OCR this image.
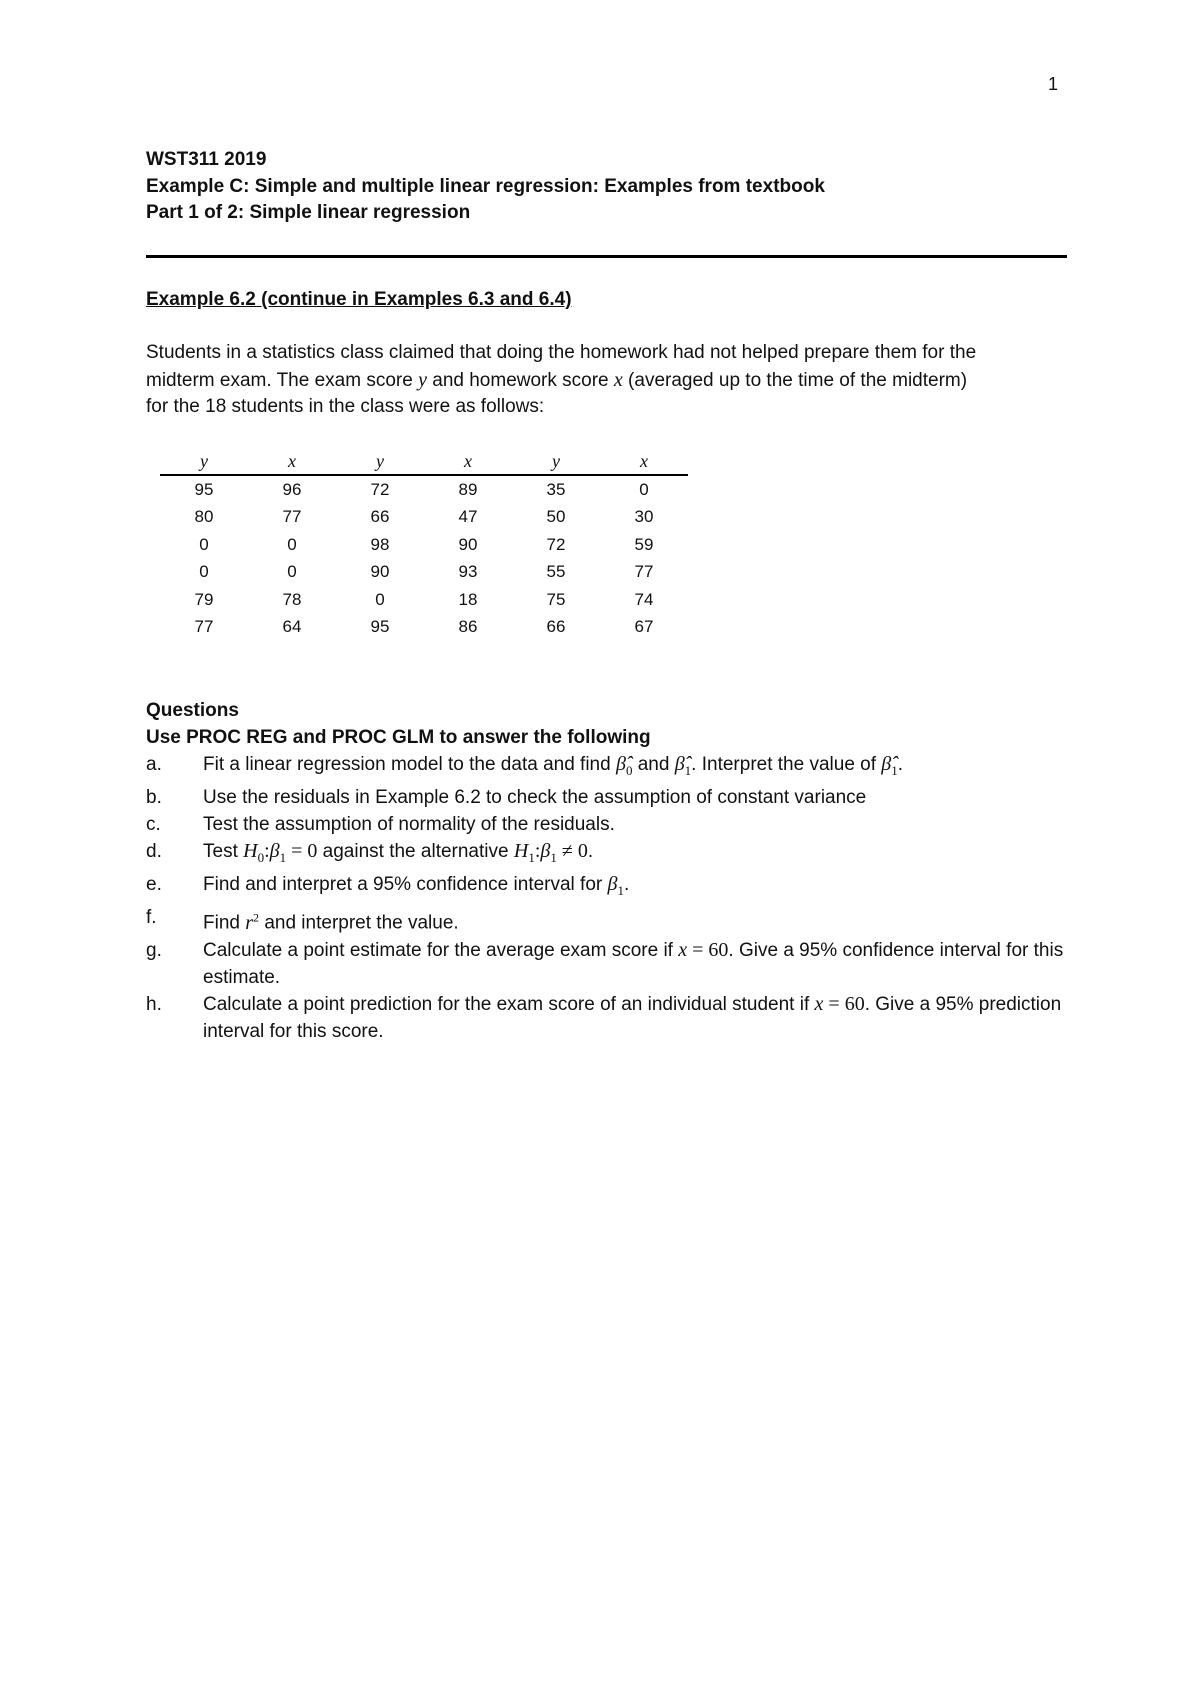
1
WST311 2019
Example C: Simple and multiple linear regression: Examples from textbook
Part 1 of 2: Simple linear regression
Example 6.2 (continue in Examples 6.3 and 6.4)
Students in a statistics class claimed that doing the homework had not helped prepare them for the
midterm exam. The exam score y and homework score x (averaged up to the time of the midterm)
for the 18 students in the class were as follows:
y	x	y	x	y	x
95	96	72	89	35	0
80	77	66	47	50	30
0	0	98	90	72	59
0	0	90	93	55	77
79	78	0	18	75	74
77	64	95	86	66	67
Questions
Use PROC REG and PROC GLM to answer the following
a.	Fit a linear regression model to the data and find $\betâ_0$ and $\betâ_1$. Interpret the value of $\betâ_1$.
b.	Use the residuals in Example 6.2 to check the assumption of constant variance
c.	Test the assumption of normality of the residuals.
d.	Test $H_0:\beta_1 = 0$ against the alternative $H_1:\beta_1 \ne 0$.
e.	Find and interpret a 95% confidence interval for $\beta_1$.
f.	Find $r^2$ and interpret the value.
g.	Calculate a point estimate for the average exam score if x = 60. Give a 95% confidence interval for this estimate.
h.	Calculate a point prediction for the exam score of an individual student if x = 60. Give a 95% prediction interval for this score.
